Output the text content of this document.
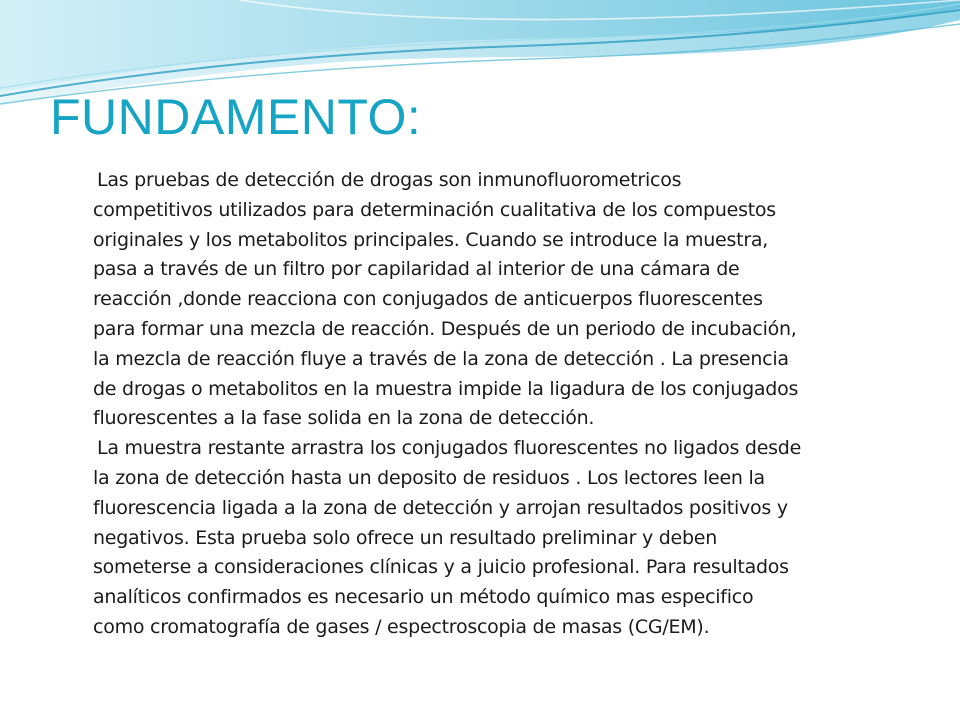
FUNDAMENTO:

Las pruebas de detección de drogas son inmunofluorometricos
competitivos utilizados para determinación cualitativa de los compuestos
originales y los metabolitos principales. Cuando se introduce la muestra,
pasa a través de un filtro por capilaridad al interior de una cámara de
reacción ,donde reacciona con conjugados de anticuerpos fluorescentes
para formar una mezcla de reacción. Después de un periodo de incubación,
la mezcla de reacción fluye a través de la zona de detección . La presencia
de drogas o metabolitos en la muestra impide la ligadura de los conjugados
fluorescentes a la fase solida en la zona de detección.

La muestra restante arrastra los conjugados fluorescentes no ligados desde
la zona de detección hasta un deposito de residuos . Los lectores leen la
fluorescencia ligada a la zona de detección y arrojan resultados positivos y
negativos. Esta prueba solo ofrece un resultado preliminar y deben
someterse a consideraciones clínicas y a juicio profesional. Para resultados
analíticos confirmados es necesario un método químico mas especifico
como cromatografía de gases / espectroscopia de masas (CG/EM).
